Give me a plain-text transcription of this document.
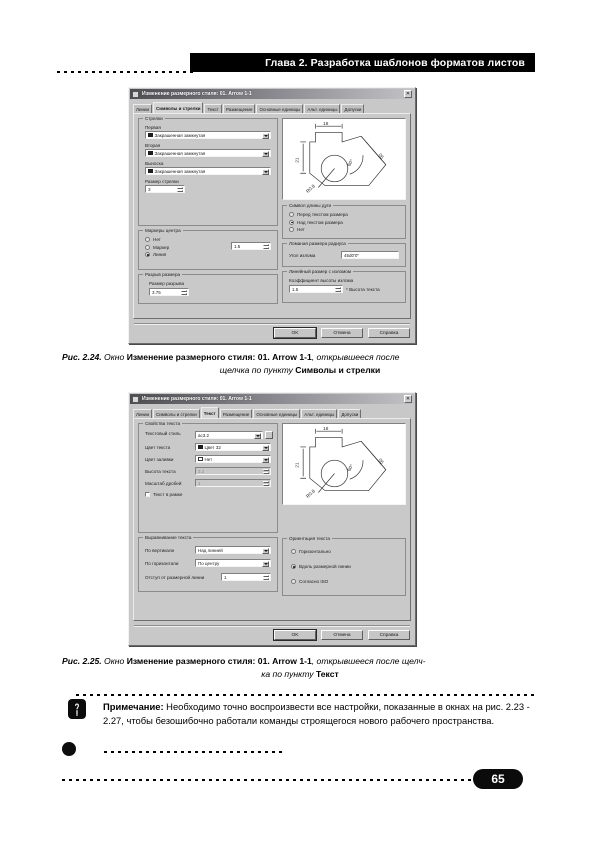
Глава 2. Разработка шаблонов форматов листов
Изменение размерного стиля: 01. Arrow 1-1	✕
Линии	Символы и стрелки	Текст	Размещение	Основные единицы	Альт. единицы	Допуски
Стрелки
Первая
Закрашенная замкнутая
Вторая
Закрашенная замкнутая
Выноска
Закрашенная замкнутая
Размер стрелки
3
Маркеры центра
Нет
Маркер
Линия
1.5
Разрыв размера
Размер разрыва
3.75
18
21
R0.8
60°
05
Символ длины дуги
Перед текстом размера
Над текстом размера
Нет
Ломаная размера радиуса
Угол излома	45d0'0"
Линейный размер с изломом
Коэффициент высоты излома
1.5	* Высота текста
OK	Отмена	Справка
Рис. 2.24. Окно Изменение размерного стиля: 01. Arrow 1-1, открывшееся после
щелчка по пункту Символы и стрелки
Изменение размерного стиля: 01. Arrow 1-1	✕
Линии	Символы и стрелки	Текст	Размещение	Основные единицы	Альт. единицы	Допуски
Свойства текста
Текстовый стиль	ас3.2
Цвет текста	Цвет 32
Цвет заливки	Нет
Высота текста	3.2
Масштаб дробей	1
Текст в рамке
Выравнивание текста
По вертикали	Над линией
По горизонтали	По центру
Отступ от размерной линии	1
18
21
R0.8
60°
05
Ориентация текста
Горизонтально
Вдоль размерной линии
Согласно ISO
OK	Отмена	Справка
Рис. 2.25. Окно Изменение размерного стиля: 01. Arrow 1-1, открывшееся после щелч-
ка по пункту Текст
Примечание: Необходимо точно воспроизвести все настройки, показанные в окнах на рис. 2.23 - 2.27, чтобы безошибочно работали команды строящегося нового рабочего пространства.
65
